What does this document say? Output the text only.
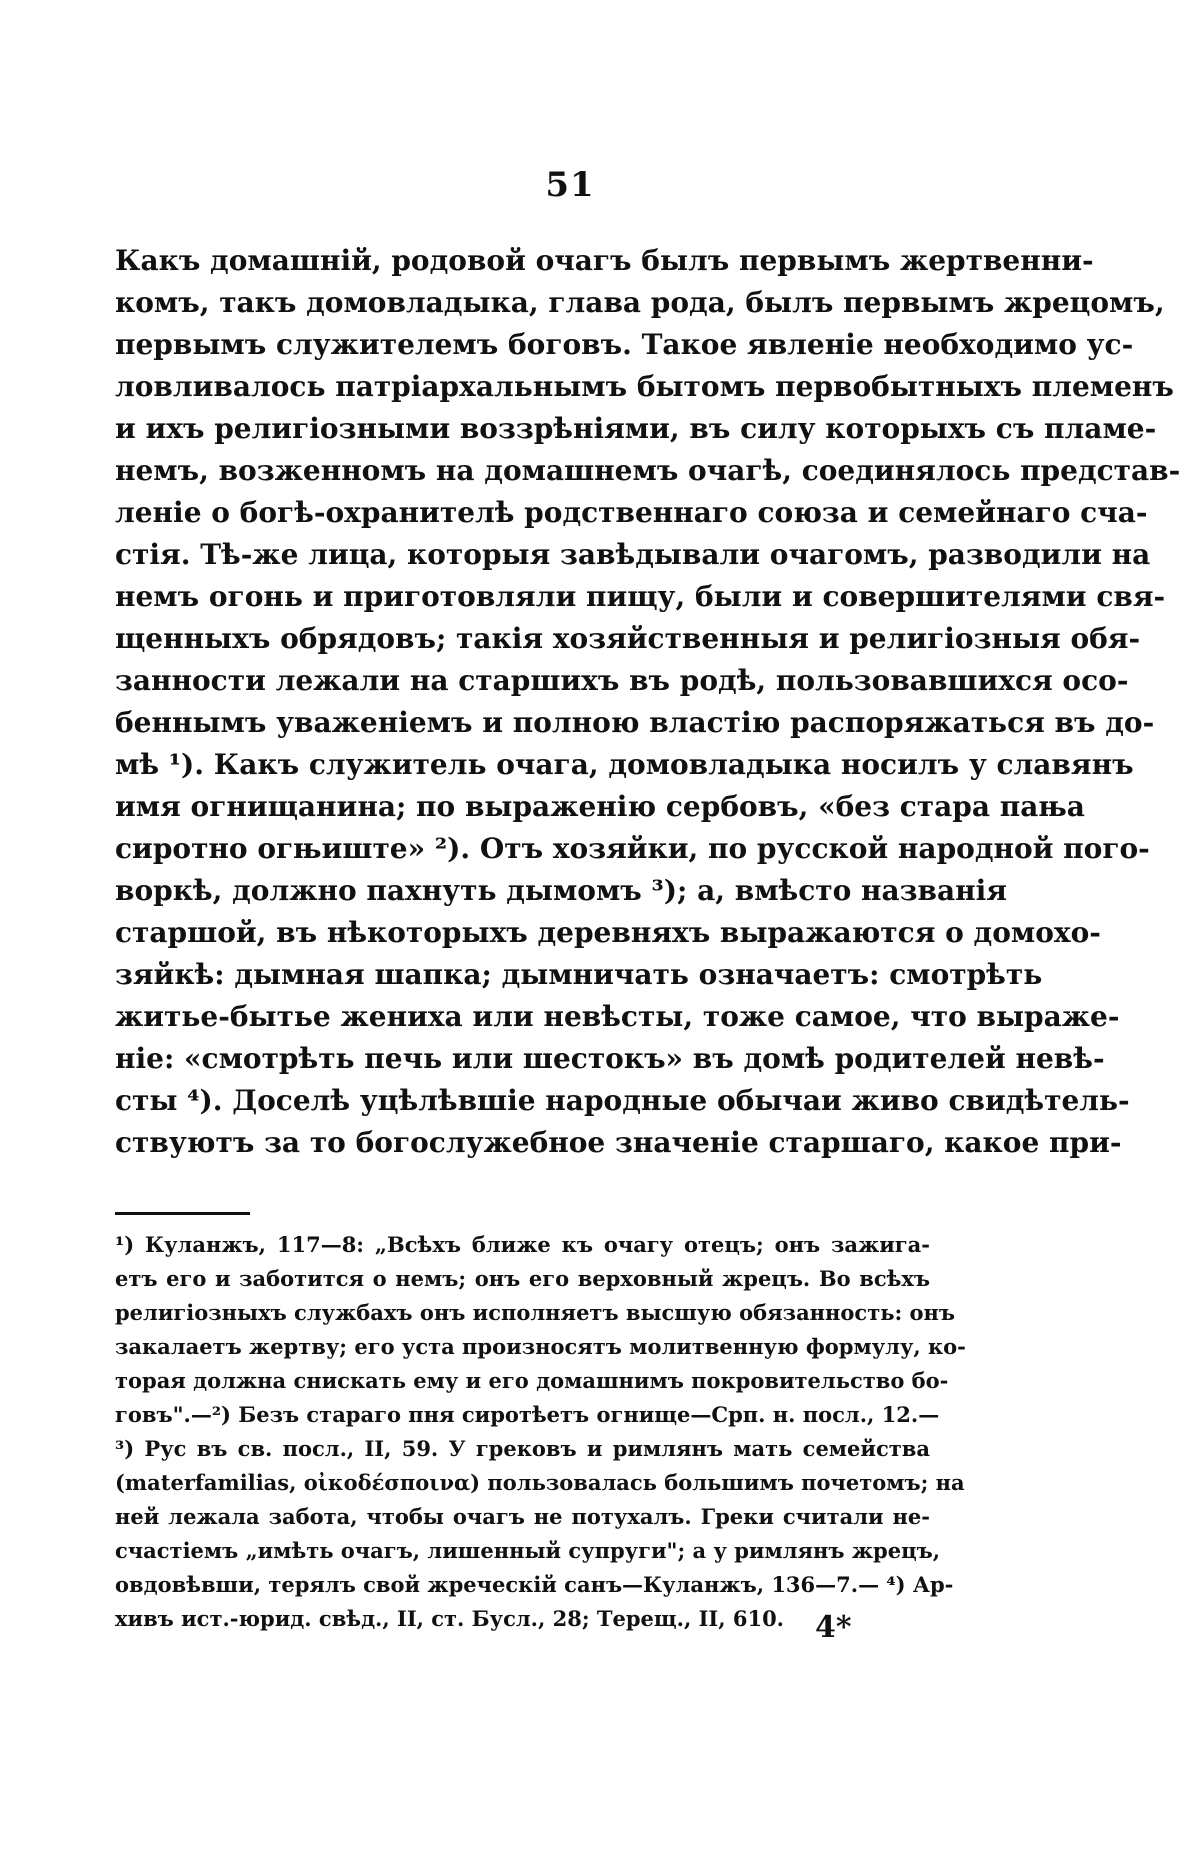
51
Какъ домашній, родовой очагъ былъ первымъ жертвенни-
комъ, такъ домовладыка, глава рода, былъ первымъ жрецомъ,
первымъ служителемъ боговъ. Такое явленіе необходимо ус-
ловливалось патріархальнымъ бытомъ первобытныхъ племенъ
и ихъ религіозными воззрѣніями, въ силу которыхъ съ пламе-
немъ, возженномъ на домашнемъ очагѣ, соединялось представ-
леніе о богѣ-охранителѣ родственнаго союза и семейнаго сча-
стія. Тѣ-же лица, которыя завѣдывали очагомъ, разводили на
немъ огонь и приготовляли пищу, были и совершителями свя-
щенныхъ обрядовъ; такія хозяйственныя и религіозныя обя-
занности лежали на старшихъ въ родѣ, пользовавшихся осо-
беннымъ уваженіемъ и полною властію распоряжаться въ до-
мѣ ¹). Какъ служитель очага, домовладыка носилъ у славянъ
имя огнищанина; по выраженію сербовъ, «без стара пања
сиротно огњиште» ²). Отъ хозяйки, по русской народной пого-
воркѣ, должно пахнуть дымомъ ³); а, вмѣсто названія
старшой, въ нѣкоторыхъ деревняхъ выражаются о домохо-
зяйкѣ: дымная шапка; дымничать означаетъ: смотрѣть
житье-бытье жениха или невѣсты, тоже самое, что выраже-
ніе: «смотрѣть печь или шестокъ» въ домѣ родителей невѣ-
сты ⁴). Доселѣ уцѣлѣвшіе народные обычаи живо свидѣтель-
ствуютъ за то богослужебное значеніе старшаго, какое при-
¹) Куланжъ, 117—8: „Всѣхъ ближе къ очагу отецъ; онъ зажига-
етъ его и заботится о немъ; онъ его верховный жрецъ. Во всѣхъ
религіозныхъ службахъ онъ исполняетъ высшую обязанность: онъ
закалаетъ жертву; его уста произносятъ молитвенную формулу, ко-
торая должна снискать ему и его домашнимъ покровительство бо-
говъ".—²) Безъ стараго пня сиротѣетъ огнище—Срп. н. посл., 12.—
³) Рус въ св. посл., II, 59. У грековъ и римлянъ мать семейства
(materfamilias, οἰκοδέσποινα) пользовалась большимъ почетомъ; на
ней лежала забота, чтобы очагъ не потухалъ. Греки считали не-
счастіемъ „имѣть очагъ, лишенный супруги"; а у римлянъ жрецъ,
овдовѣвши, терялъ свой жреческій санъ—Куланжъ, 136—7.— ⁴) Ар-
хивъ ист.-юрид. свѣд., II, ст. Бусл., 28; Терещ., II, 610.	4*
